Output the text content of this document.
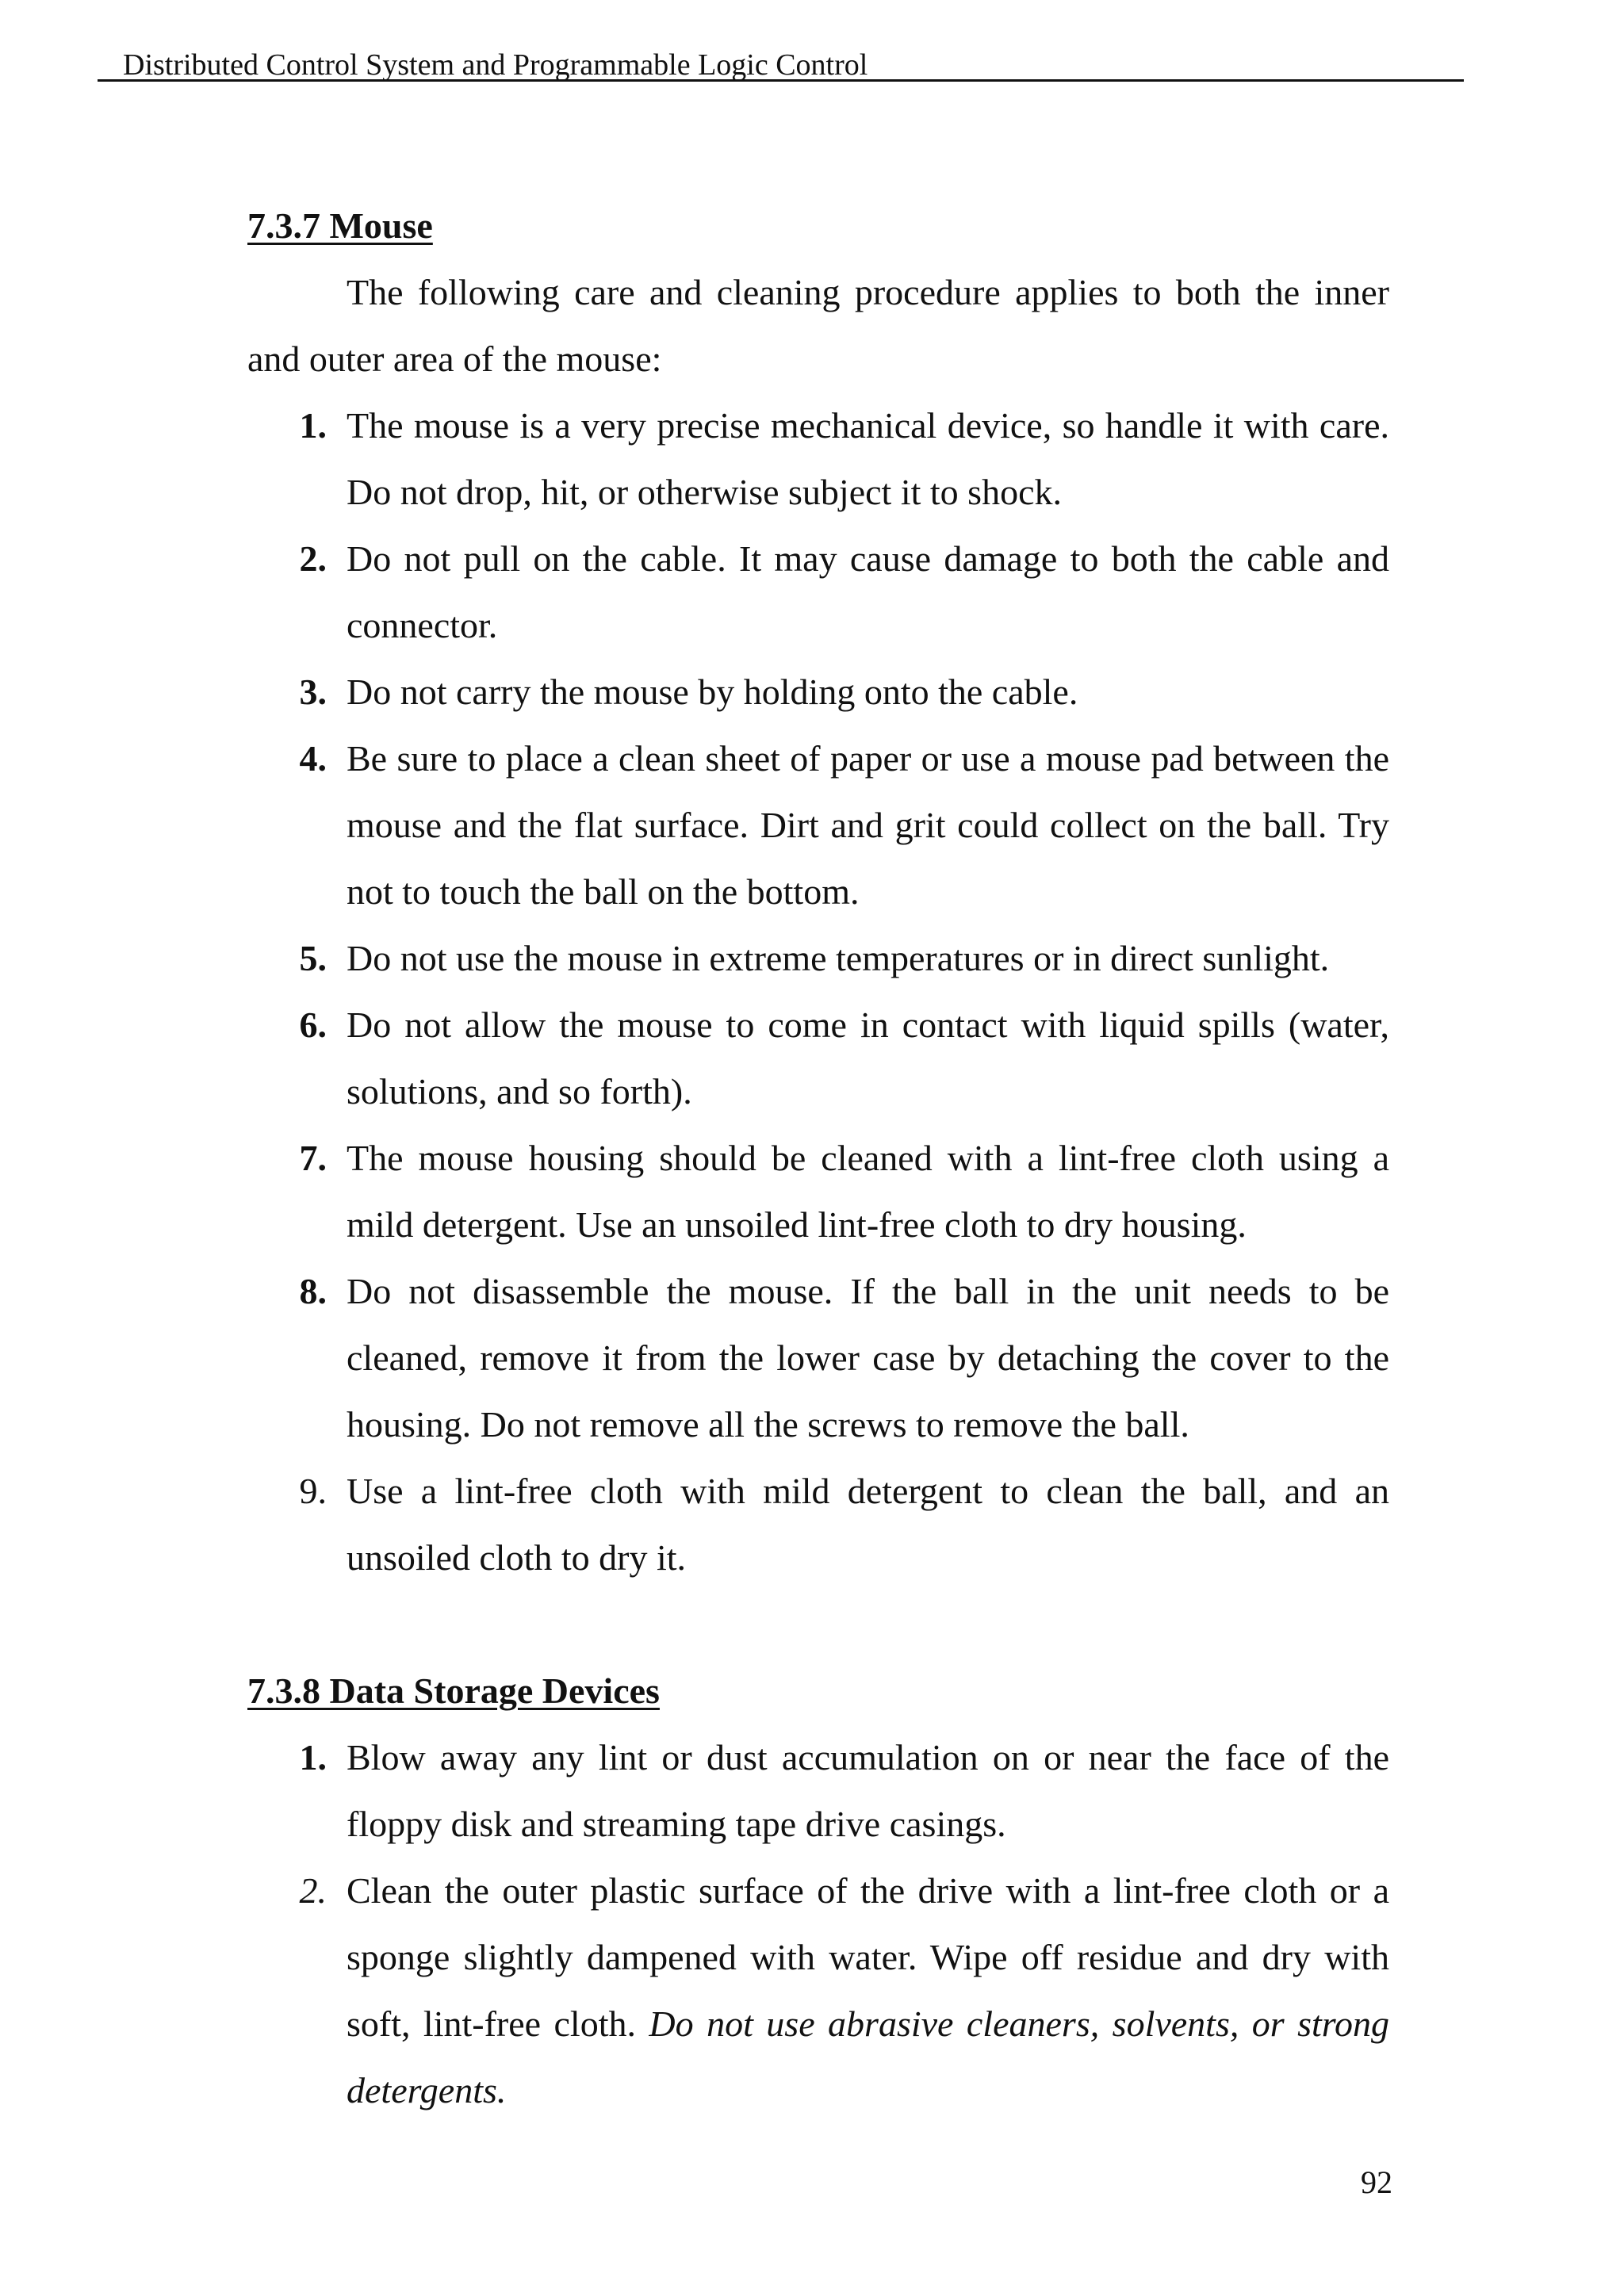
Distributed Control System and Programmable Logic Control
7.3.7 Mouse
The following care and cleaning procedure applies to both the inner and outer area of the mouse:
1. The mouse is a very precise mechanical device, so handle it with care. Do not drop, hit, or otherwise subject it to shock.
2. Do not pull on the cable. It may cause damage to both the cable and connector.
3. Do not carry the mouse by holding onto the cable.
4. Be sure to place a clean sheet of paper or use a mouse pad between the mouse and the flat surface. Dirt and grit could collect on the ball. Try not to touch the ball on the bottom.
5. Do not use the mouse in extreme temperatures or in direct sunlight.
6. Do not allow the mouse to come in contact with liquid spills (water, solutions, and so forth).
7. The mouse housing should be cleaned with a lint-free cloth using a mild detergent. Use an unsoiled lint-free cloth to dry housing.
8. Do not disassemble the mouse. If the ball in the unit needs to be cleaned, remove it from the lower case by detaching the cover to the housing. Do not remove all the screws to remove the ball.
9. Use a lint-free cloth with mild detergent to clean the ball, and an unsoiled cloth to dry it.
7.3.8 Data Storage Devices
1. Blow away any lint or dust accumulation on or near the face of the floppy disk and streaming tape drive casings.
2. Clean the outer plastic surface of the drive with a lint-free cloth or a sponge slightly dampened with water. Wipe off residue and dry with soft, lint-free cloth. Do not use abrasive cleaners, solvents, or strong detergents.
92
